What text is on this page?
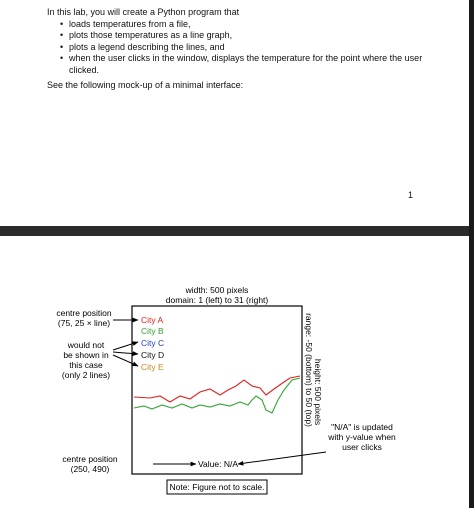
In this lab, you will create a Python program that

• loads temperatures from a file,
• plots those temperatures as a line graph,
• plots a legend describing the lines, and
• when the user clicks in the window, displays the temperature for the point where the user clicked.

See the following mock-up of a minimal interface:

1
City A
City B
City C
City D
City E
Value: N/A
width: 500 pixels
domain: 1 (left) to 31 (right)
height: 500 pixels
range: -50 (bottom) to 50 (top)
centre position
(75, 25 × line)
would not
be shown in
this case
(only 2 lines)
centre position
(250, 490)
"N/A" is updated
with y-value when
user clicks
Note: Figure not to scale.
